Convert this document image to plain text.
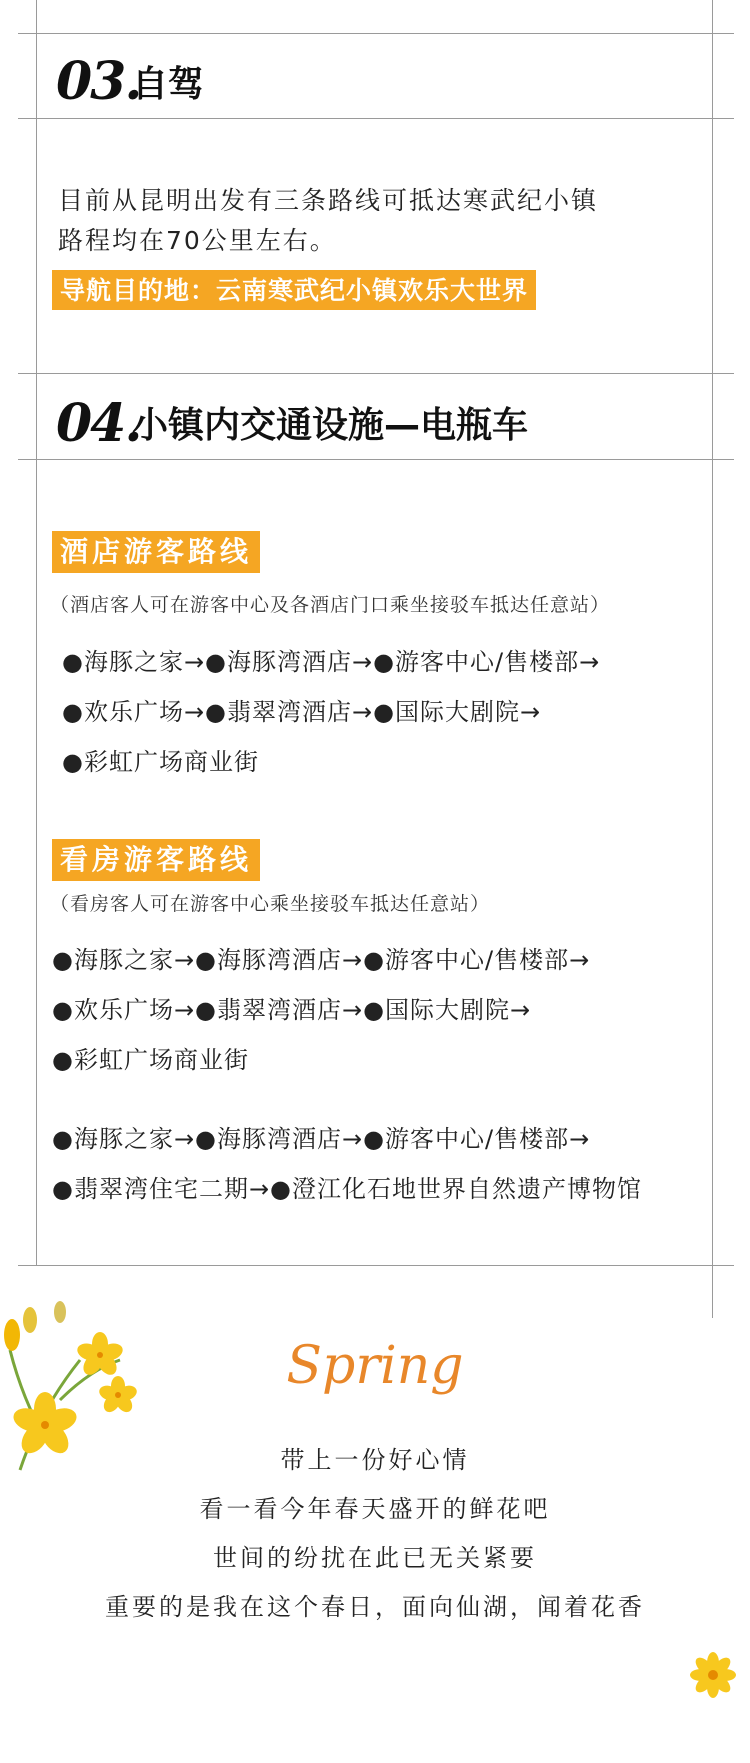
03.
自驾
目前从昆明出发有三条路线可抵达寒武纪小镇
路程均在70公里左右。
导航目的地：云南寒武纪小镇欢乐大世界
04.
小镇内交通设施—电瓶车
酒店游客路线
（酒店客人可在游客中心及各酒店门口乘坐接驳车抵达任意站）
●海豚之家→●海豚湾酒店→●游客中心/售楼部→
●欢乐广场→●翡翠湾酒店→●国际大剧院→
●彩虹广场商业街
看房游客路线
（看房客人可在游客中心乘坐接驳车抵达任意站）
●海豚之家→●海豚湾酒店→●游客中心/售楼部→
●欢乐广场→●翡翠湾酒店→●国际大剧院→
●彩虹广场商业街
●海豚之家→●海豚湾酒店→●游客中心/售楼部→
●翡翠湾住宅二期→●澄江化石地世界自然遗产博物馆
Spring
带上一份好心情
看一看今年春天盛开的鲜花吧
世间的纷扰在此已无关紧要
重要的是我在这个春日，面向仙湖，闻着花香
